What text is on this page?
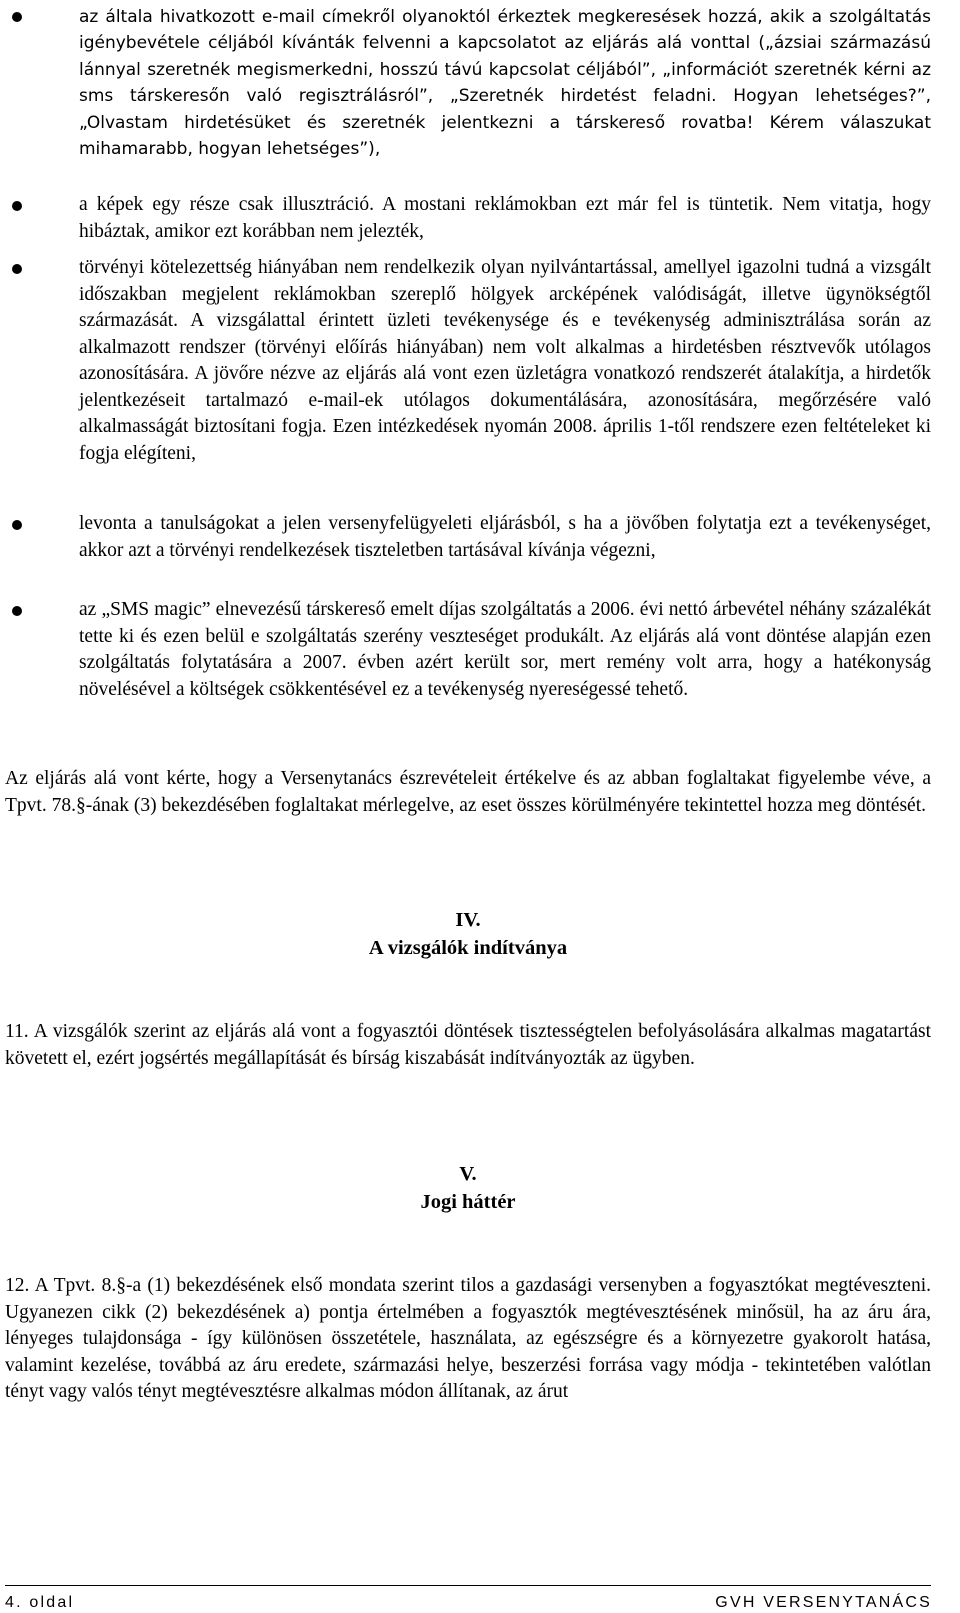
az általa hivatkozott e-mail címekről olyanoktól érkeztek megkeresések hozzá, akik a szolgáltatás igénybevétele céljából kívánták felvenni a kapcsolatot az eljárás alá vonttal („ázsiai származású lánnyal szeretnék megismerkedni, hosszú távú kapcsolat céljából”, „információt szeretnék kérni az sms társkeresőn való regisztrálásról”, „Szeretnék hirdetést feladni. Hogyan lehetséges?”, „Olvastam hirdetésüket és szeretnék jelentkezni a társkereső rovatba! Kérem válaszukat mihamarabb, hogyan lehetséges”),

a képek egy része csak illusztráció. A mostani reklámokban ezt már fel is tüntetik. Nem vitatja, hogy hibáztak, amikor ezt korábban nem jelezték,

törvényi kötelezettség hiányában nem rendelkezik olyan nyilvántartással, amellyel igazolni tudná a vizsgált időszakban megjelent reklámokban szereplő hölgyek arcképének valódiságát, illetve ügynökségtől származását. A vizsgálattal érintett üzleti tevékenysége és e tevékenység adminisztrálása során az alkalmazott rendszer (törvényi előírás hiányában) nem volt alkalmas a hirdetésben résztvevők utólagos azonosítására. A jövőre nézve az eljárás alá vont ezen üzletágra vonatkozó rendszerét átalakítja, a hirdetők jelentkezéseit tartalmazó e-mail-ek utólagos dokumentálására, azonosítására, megőrzésére való alkalmasságát biztosítani fogja. Ezen intézkedések nyomán 2008. április 1-től rendszere ezen feltételeket ki fogja elégíteni,

levonta a tanulságokat a jelen versenyfelügyeleti eljárásból, s ha a jövőben folytatja ezt a tevékenységet, akkor azt a törvényi rendelkezések tiszteletben tartásával kívánja végezni,

az „SMS magic” elnevezésű társkereső emelt díjas szolgáltatás a 2006. évi nettó árbevétel néhány százalékát tette ki és ezen belül e szolgáltatás szerény veszteséget produkált. Az eljárás alá vont döntése alapján ezen szolgáltatás folytatására a 2007. évben azért került sor, mert remény volt arra, hogy a hatékonyság növelésével a költségek csökkentésével ez a tevékenység nyereségessé tehető.

Az eljárás alá vont kérte, hogy a Versenytanács észrevételeit értékelve és az abban foglaltakat figyelembe véve, a Tpvt. 78.§-ának (3) bekezdésében foglaltakat mérlegelve, az eset összes körülményére tekintettel hozza meg döntését.

IV.

A vizsgálók indítványa

11. A vizsgálók szerint az eljárás alá vont a fogyasztói döntések tisztességtelen befolyásolására alkalmas magatartást követett el, ezért jogsértés megállapítását és bírság kiszabását indítványozták az ügyben.

V.

Jogi háttér

12. A Tpvt. 8.§-a (1) bekezdésének első mondata szerint tilos a gazdasági versenyben a fogyasztókat megtéveszteni. Ugyanezen cikk (2) bekezdésének a) pontja értelmében a fogyasztók megtévesztésének minősül, ha az áru ára, lényeges tulajdonsága - így különösen összetétele, használata, az egészségre és a környezetre gyakorolt hatása, valamint kezelése, továbbá az áru eredete, származási helye, beszerzési forrása vagy módja - tekintetében valótlan tényt vagy valós tényt megtévesztésre alkalmas módon állítanak, az árut

4. oldal	GVH VERSENYTANÁCS
